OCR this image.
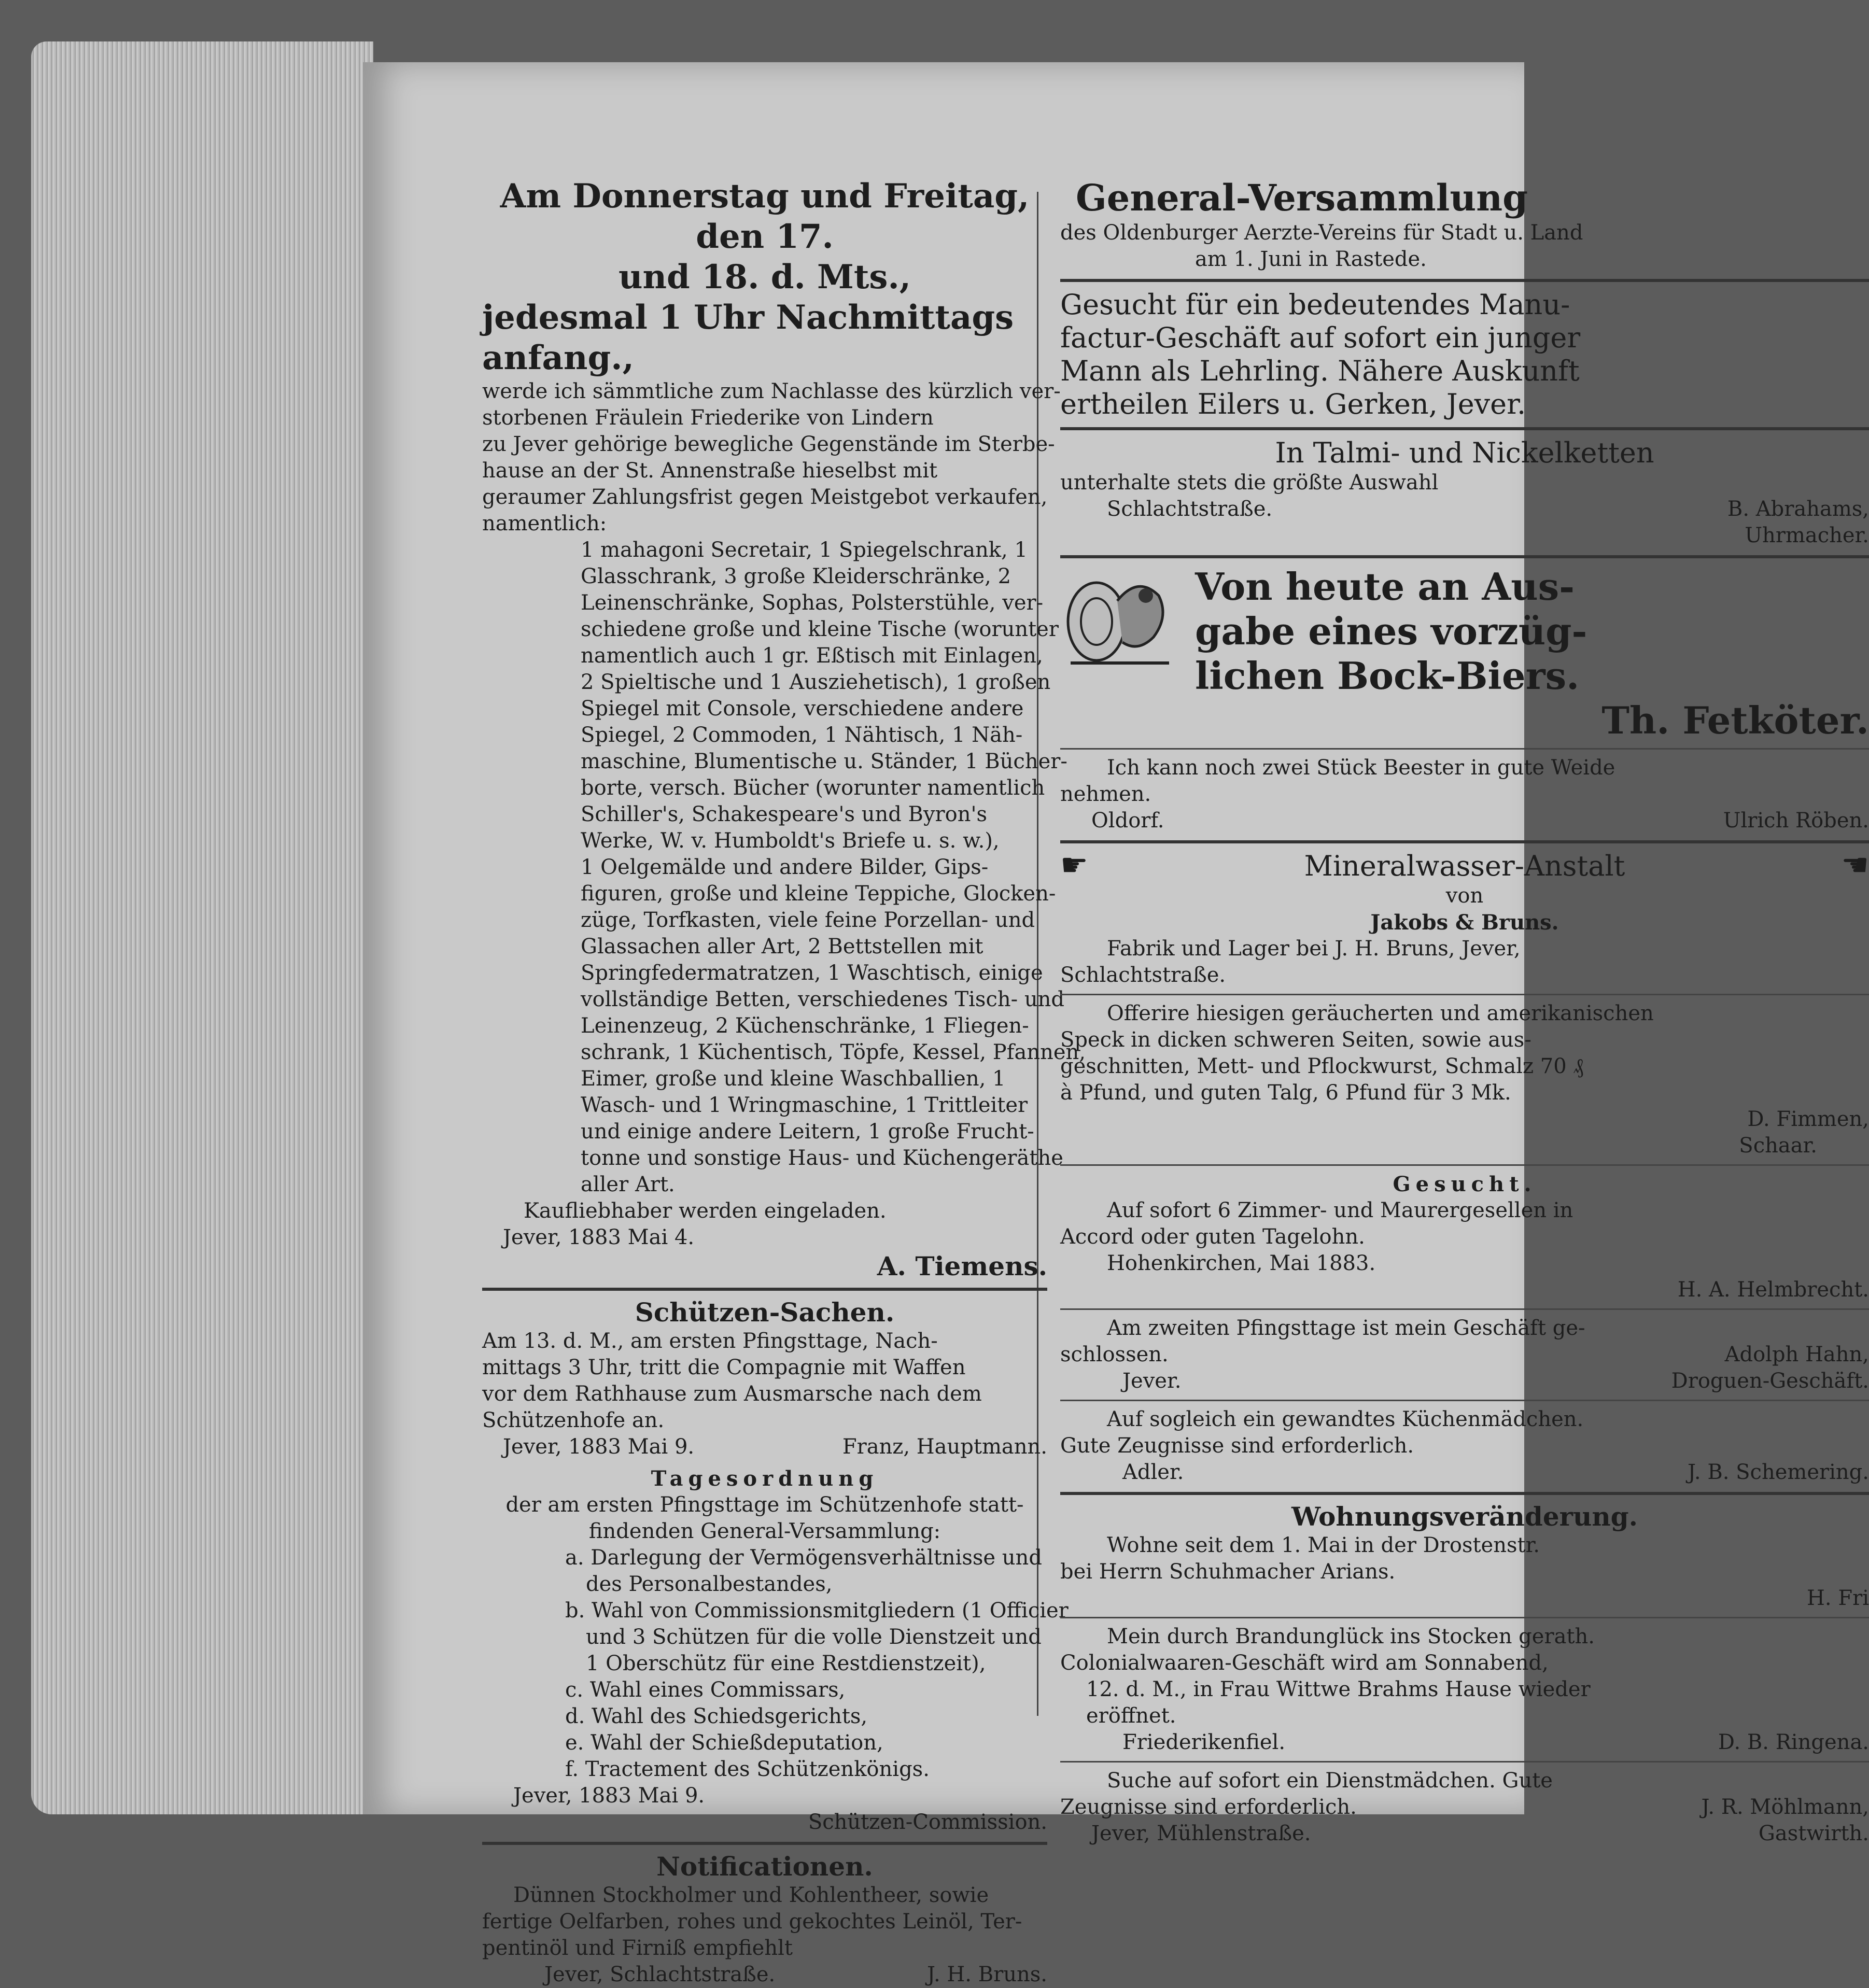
Am Donnerstag und Freitag, den 17.
und 18. d. Mts.,
jedesmal 1 Uhr Nachmittags anfang.,
werde ich sämmtliche zum Nachlasse des kürzlich ver-
storbenen Fräulein Friederike von Lindern
zu Jever gehörige bewegliche Gegenstände im Sterbe-
hause an der St. Annenstraße hieselbst mit
geraumer Zahlungsfrist gegen Meistgebot verkaufen,
namentlich:
1 mahagoni Secretair, 1 Spiegelschrank, 1
Glasschrank, 3 große Kleiderschränke, 2
Leinenschränke, Sophas, Polsterstühle, ver-
schiedene große und kleine Tische (worunter
namentlich auch 1 gr. Eßtisch mit Einlagen,
2 Spieltische und 1 Ausziehetisch), 1 großen
Spiegel mit Console, verschiedene andere
Spiegel, 2 Commoden, 1 Nähtisch, 1 Näh-
maschine, Blumentische u. Ständer, 1 Bücher-
borte, versch. Bücher (worunter namentlich
Schiller's, Schakespeare's und Byron's
Werke, W. v. Humboldt's Briefe u. s. w.),
1 Oelgemälde und andere Bilder, Gips-
figuren, große und kleine Teppiche, Glocken-
züge, Torfkasten, viele feine Porzellan- und
Glassachen aller Art, 2 Bettstellen mit
Springfedermatratzen, 1 Waschtisch, einige
vollständige Betten, verschiedenes Tisch- und
Leinenzeug, 2 Küchenschränke, 1 Fliegen-
schrank, 1 Küchentisch, Töpfe, Kessel, Pfannen,
Eimer, große und kleine Waschballien, 1
Wasch- und 1 Wringmaschine, 1 Trittleiter
und einige andere Leitern, 1 große Frucht-
tonne und sonstige Haus- und Küchengeräthe
aller Art.
Kaufliebhaber werden eingeladen.
Jever, 1883 Mai 4.
A. Tiemens.
Schützen-Sachen.
Am 13. d. M., am ersten Pfingsttage, Nach-
mittags 3 Uhr, tritt die Compagnie mit Waffen
vor dem Rathhause zum Ausmarsche nach dem
Schützenhofe an.
Jever, 1883 Mai 9.	Franz, Hauptmann.
Tagesordnung
der am ersten Pfingsttage im Schützenhofe statt-
findenden General-Versammlung:
a. Darlegung der Vermögensverhältnisse und
des Personalbestandes,
b. Wahl von Commissionsmitgliedern (1 Officier
und 3 Schützen für die volle Dienstzeit und
1 Oberschütz für eine Restdienstzeit),
c. Wahl eines Commissars,
d. Wahl des Schiedsgerichts,
e. Wahl der Schießdeputation,
f. Tractement des Schützenkönigs.
Jever, 1883 Mai 9.
Schützen-Commission.
Notificationen.
Dünnen Stockholmer und Kohlentheer, sowie
fertige Oelfarben, rohes und gekochtes Leinöl, Ter-
pentinöl und Firniß empfiehlt
Jever, Schlachtstraße.	J. H. Bruns.
General-Versammlung
des Oldenburger Aerzte-Vereins für Stadt u. Land
am 1. Juni in Rastede.
Gesucht für ein bedeutendes Manu-
factur-Geschäft auf sofort ein junger
Mann als Lehrling. Nähere Auskunft
ertheilen Eilers u. Gerken, Jever.
In Talmi- und Nickelketten
unterhalte stets die größte Auswahl
Schlachtstraße.	B. Abrahams,
Uhrmacher.
Von heute an Aus-
gabe eines vorzüg-
lichen Bock-Biers.
Th. Fetköter.
Ich kann noch zwei Stück Beester in gute Weide
nehmen.
Oldorf.	Ulrich Röben.
☛	Mineralwasser-Anstalt	☚
von
Jakobs & Bruns.
Fabrik und Lager bei J. H. Bruns, Jever,
Schlachtstraße.
Offerire hiesigen geräucherten und amerikanischen
Speck in dicken schweren Seiten, sowie aus-
geschnitten, Mett- und Pflockwurst, Schmalz 70 ₰
à Pfund, und guten Talg, 6 Pfund für 3 Mk.
D. Fimmen,
Schaar.
Gesucht.
Auf sofort 6 Zimmer- und Maurergesellen in
Accord oder guten Tagelohn.
Hohenkirchen, Mai 1883.
H. A. Helmbrecht.
Am zweiten Pfingsttage ist mein Geschäft ge-
schlossen.	Adolph Hahn,
Jever.	Droguen-Geschäft.
Auf sogleich ein gewandtes Küchenmädchen.
Gute Zeugnisse sind erforderlich.
Adler.	J. B. Schemering.
Wohnungsveränderung.
Wohne seit dem 1. Mai in der Drostenstr.
bei Herrn Schuhmacher Arians.
H. Fri
Mein durch Brandunglück ins Stocken gerath.
Colonialwaaren-Geschäft wird am Sonnabend,
12. d. M., in Frau Wittwe Brahms Hause wieder
eröffnet.
Friederikenfiel.	D. B. Ringena.
Suche auf sofort ein Dienstmädchen. Gute
Zeugnisse sind erforderlich.	J. R. Möhlmann,
Jever, Mühlenstraße.	Gastwirth.
